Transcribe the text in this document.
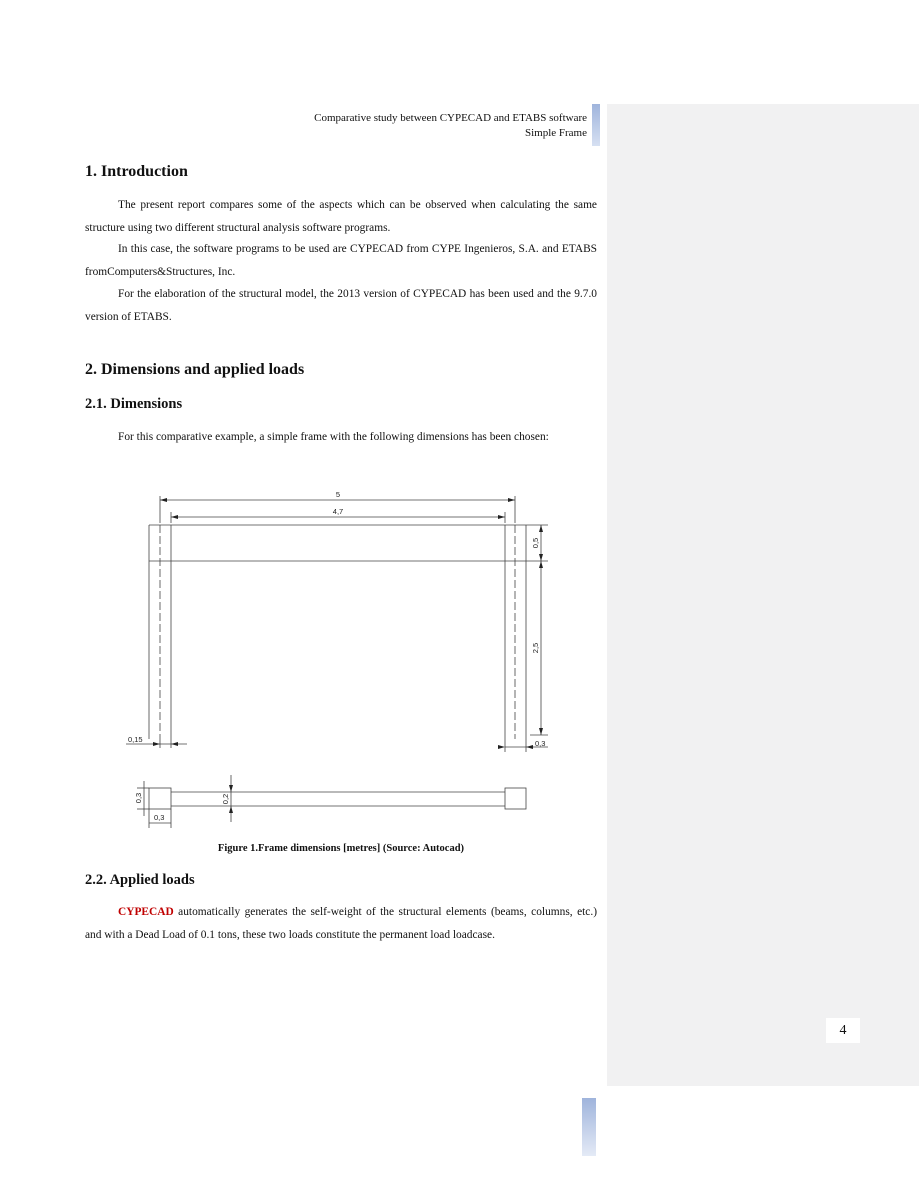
Comparative study between CYPECAD and ETABS software
Simple Frame
1. Introduction

The present report compares some of the aspects which can be observed when calculating the same structure using two different structural analysis software programs.

In this case, the software programs to be used are CYPECAD from CYPE Ingenieros, S.A. and ETABS fromComputers&Structures, Inc.

For the elaboration of the structural model, the 2013 version of CYPECAD has been used and the 9.7.0 version of ETABS.

2. Dimensions and applied loads
2.1. Dimensions

For this comparative example, a simple frame with the following dimensions has been chosen:

5
4,7
0,5
2,5
0,15	0,3
0,3
0,3
0,2
Figure 1.Frame dimensions [metres] (Source: Autocad)
2.2. Applied loads

CYPECAD automatically generates the self-weight of the structural elements (beams, columns, etc.) and with a Dead Load of 0.1 tons, these two loads constitute the permanent load loadcase.

4
